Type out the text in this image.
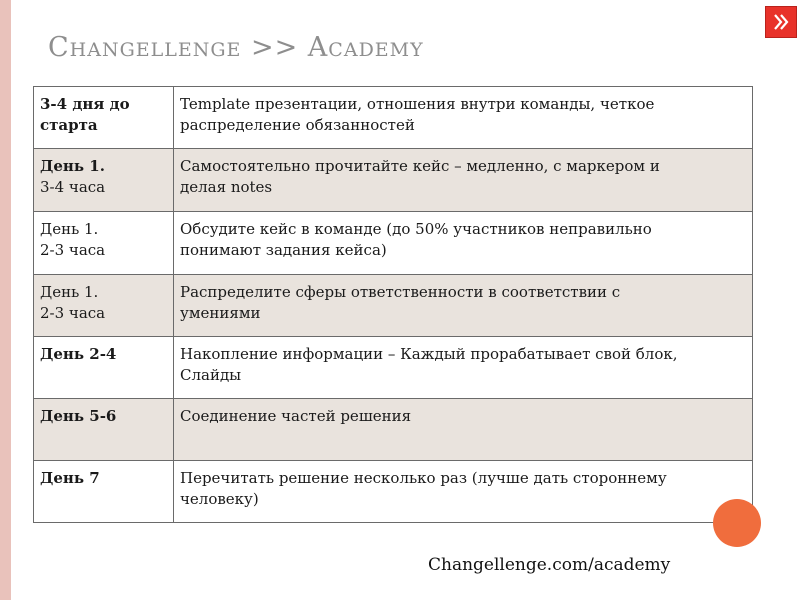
Changellenge >> Academy
3-4 дня до
старта	Template презентации, отношения внутри команды, четкое
распределение обязанностей
День 1.
3-4 часа	Самостоятельно прочитайте кейс – медленно, с маркером и
делая notes
День 1.
2-3 часа	Обсудите кейс в команде (до 50% участников неправильно
понимают задания кейса)
День 1.
2-3 часа	Распределите сферы ответственности в соответствии с
умениями
День 2-4	Накопление информации – Каждый прорабатывает свой блок,
Слайды
День 5-6	Соединение частей решения
День 7	Перечитать решение несколько раз (лучше дать стороннему
человеку)
Changellenge.com/academy
